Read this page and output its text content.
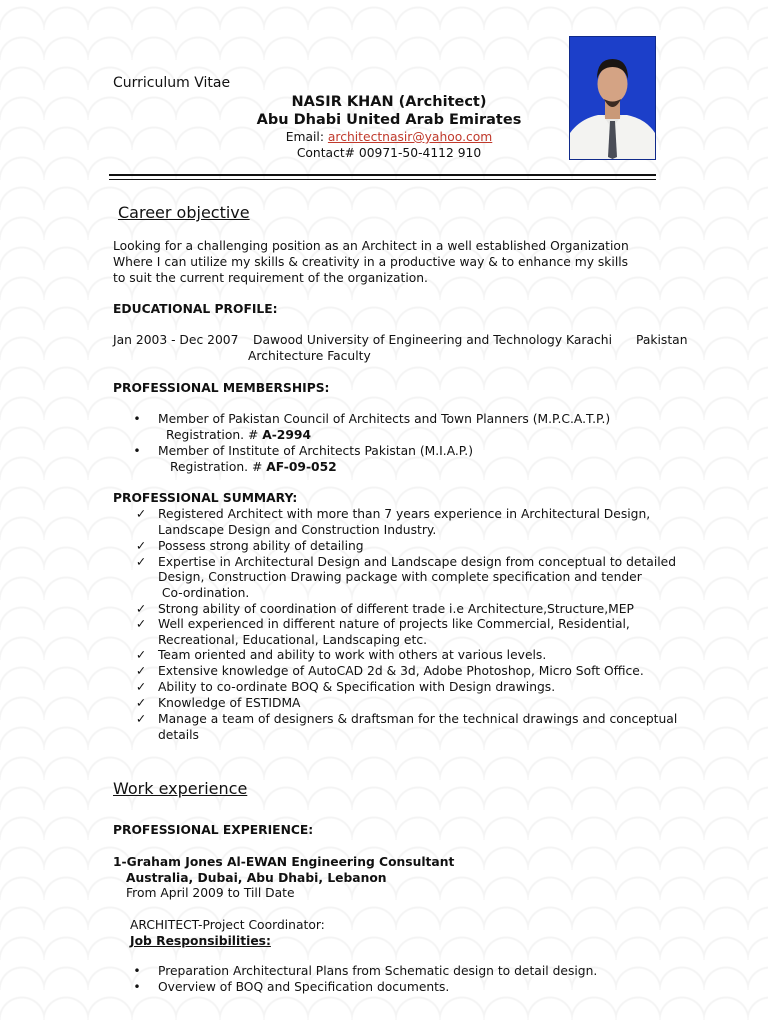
Curriculum Vitae
NASIR KHAN (Architect)
Abu Dhabi United Arab Emirates
Email: architectnasir@yahoo.com
Contact# 00971-50-4112 910
Career objective
Looking for a challenging position as an Architect in a well established Organization
Where I can utilize my skills & creativity in a productive way & to enhance my skills
to suit the current requirement of the organization.
EDUCATIONAL PROFILE:
Jan 2003 - Dec 2007 Dawood University of Engineering and Technology Karachi Pakistan
Architecture Faculty
PROFESSIONAL MEMBERSHIPS:
•	Member of Pakistan Council of Architects and Town Planners (M.P.C.A.T.P.)
Registration. # A-2994
•	Member of Institute of Architects Pakistan (M.I.A.P.)
Registration. # AF-09-052
PROFESSIONAL SUMMARY:
✓ Registered Architect with more than 7 years experience in Architectural Design,
Landscape Design and Construction Industry.
✓ Possess strong ability of detailing
✓ Expertise in Architectural Design and Landscape design from conceptual to detailed
Design, Construction Drawing package with complete specification and tender
Co-ordination.
✓ Strong ability of coordination of different trade i.e Architecture,Structure,MEP
✓ Well experienced in different nature of projects like Commercial, Residential,
Recreational, Educational, Landscaping etc.
✓ Team oriented and ability to work with others at various levels.
✓ Extensive knowledge of AutoCAD 2d & 3d, Adobe Photoshop, Micro Soft Office.
✓ Ability to co-ordinate BOQ & Specification with Design drawings.
✓ Knowledge of ESTIDMA
✓ Manage a team of designers & draftsman for the technical drawings and conceptual
details
Work experience
PROFESSIONAL EXPERIENCE:
1-Graham Jones Al-EWAN Engineering Consultant
Australia, Dubai, Abu Dhabi, Lebanon
From April 2009 to Till Date
ARCHITECT-Project Coordinator:
Job Responsibilities:
•	Preparation Architectural Plans from Schematic design to detail design.
•	Overview of BOQ and Specification documents.
